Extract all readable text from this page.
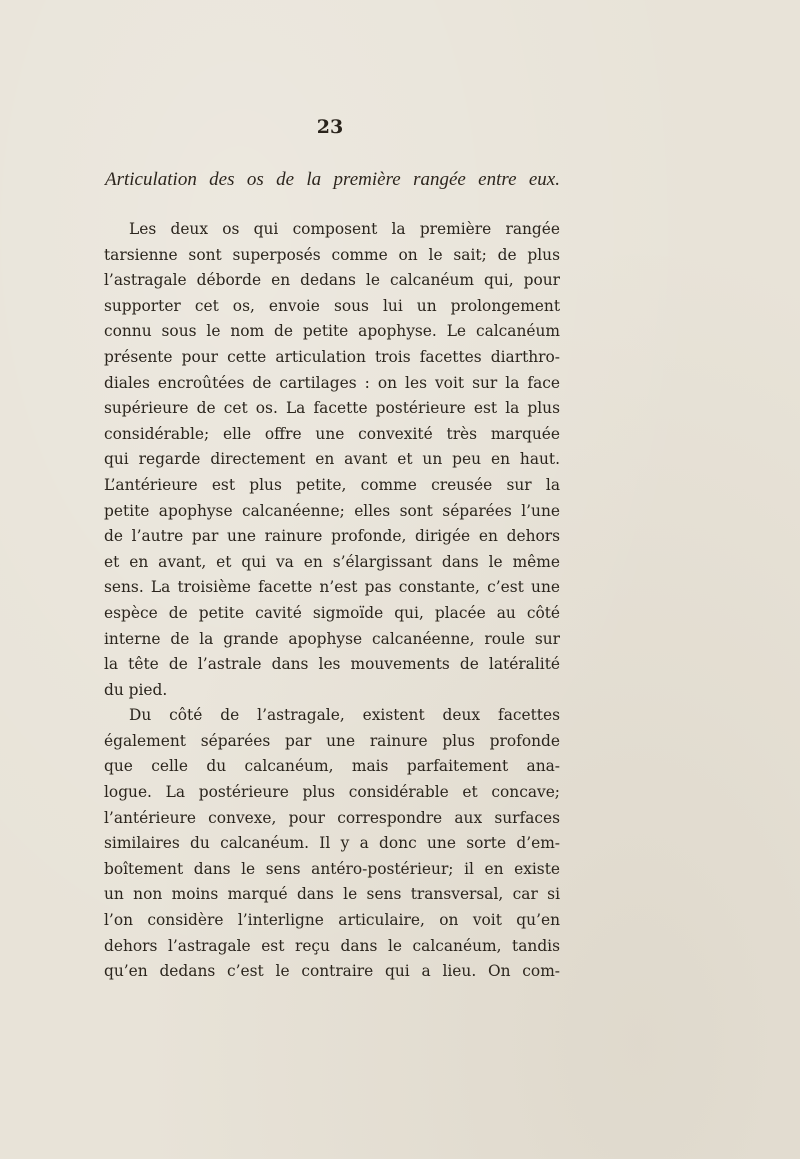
23
Articulation des os de la première rangée entre eux.
Les deux os qui composent la première rangée
tarsienne sont superposés comme on le sait; de plus
l’astragale déborde en dedans le calcanéum qui, pour
supporter cet os, envoie sous lui un prolongement
connu sous le nom de petite apophyse. Le calcanéum
présente pour cette articulation trois facettes diarthro-
diales encroûtées de cartilages : on les voit sur la face
supérieure de cet os. La facette postérieure est la plus
considérable; elle offre une convexité très marquée
qui regarde directement en avant et un peu en haut.
L’antérieure est plus petite, comme creusée sur la
petite apophyse calcanéenne; elles sont séparées l’une
de l’autre par une rainure profonde, dirigée en dehors
et en avant, et qui va en s’élargissant dans le même
sens. La troisième facette n’est pas constante, c’est une
espèce de petite cavité sigmoïde qui, placée au côté
interne de la grande apophyse calcanéenne, roule sur
la tête de l’astrale dans les mouvements de latéralité
du pied.
Du côté de l’astragale, existent deux facettes
également séparées par une rainure plus profonde
que celle du calcanéum, mais parfaitement ana-
logue. La postérieure plus considérable et concave;
l’antérieure convexe, pour correspondre aux surfaces
similaires du calcanéum. Il y a donc une sorte d’em-
boîtement dans le sens antéro-postérieur; il en existe
un non moins marqué dans le sens transversal, car si
l’on considère l’interligne articulaire, on voit qu’en
dehors l’astragale est reçu dans le calcanéum, tandis
qu’en dedans c’est le contraire qui a lieu. On com-
